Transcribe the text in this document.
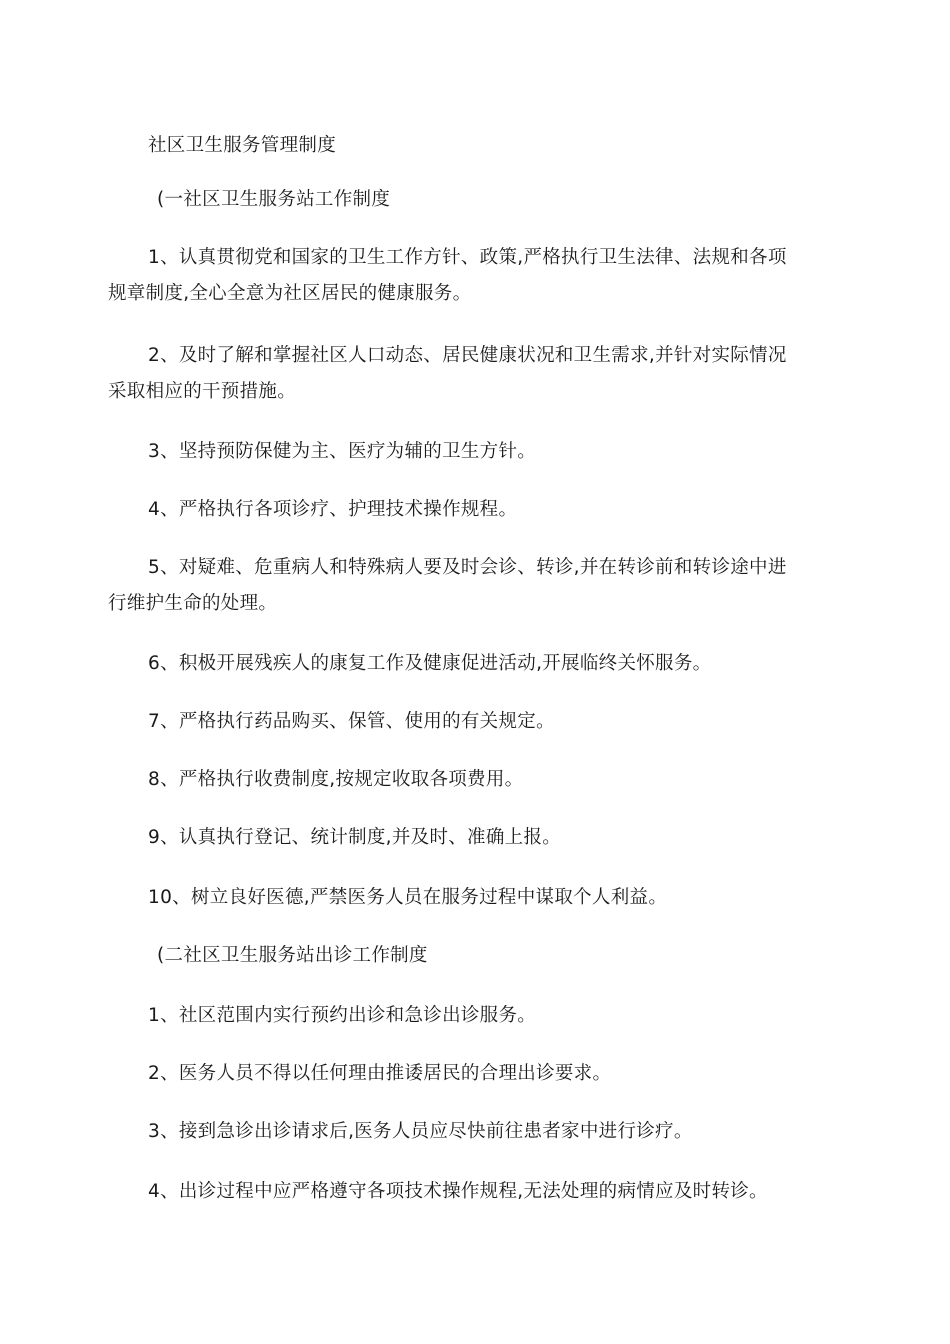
社区卫生服务管理制度
(一社区卫生服务站工作制度
1、认真贯彻党和国家的卫生工作方针、政策,严格执行卫生法律、法规和各项
规章制度,全心全意为社区居民的健康服务。
2、及时了解和掌握社区人口动态、居民健康状况和卫生需求,并针对实际情况
采取相应的干预措施。
3、坚持预防保健为主、医疗为辅的卫生方针。
4、严格执行各项诊疗、护理技术操作规程。
5、对疑难、危重病人和特殊病人要及时会诊、转诊,并在转诊前和转诊途中进
行维护生命的处理。
6、积极开展残疾人的康复工作及健康促进活动,开展临终关怀服务。
7、严格执行药品购买、保管、使用的有关规定。
8、严格执行收费制度,按规定收取各项费用。
9、认真执行登记、统计制度,并及时、准确上报。
10、树立良好医德,严禁医务人员在服务过程中谋取个人利益。
(二社区卫生服务站出诊工作制度
1、社区范围内实行预约出诊和急诊出诊服务。
2、医务人员不得以任何理由推诿居民的合理出诊要求。
3、接到急诊出诊请求后,医务人员应尽快前往患者家中进行诊疗。
4、出诊过程中应严格遵守各项技术操作规程,无法处理的病情应及时转诊。
